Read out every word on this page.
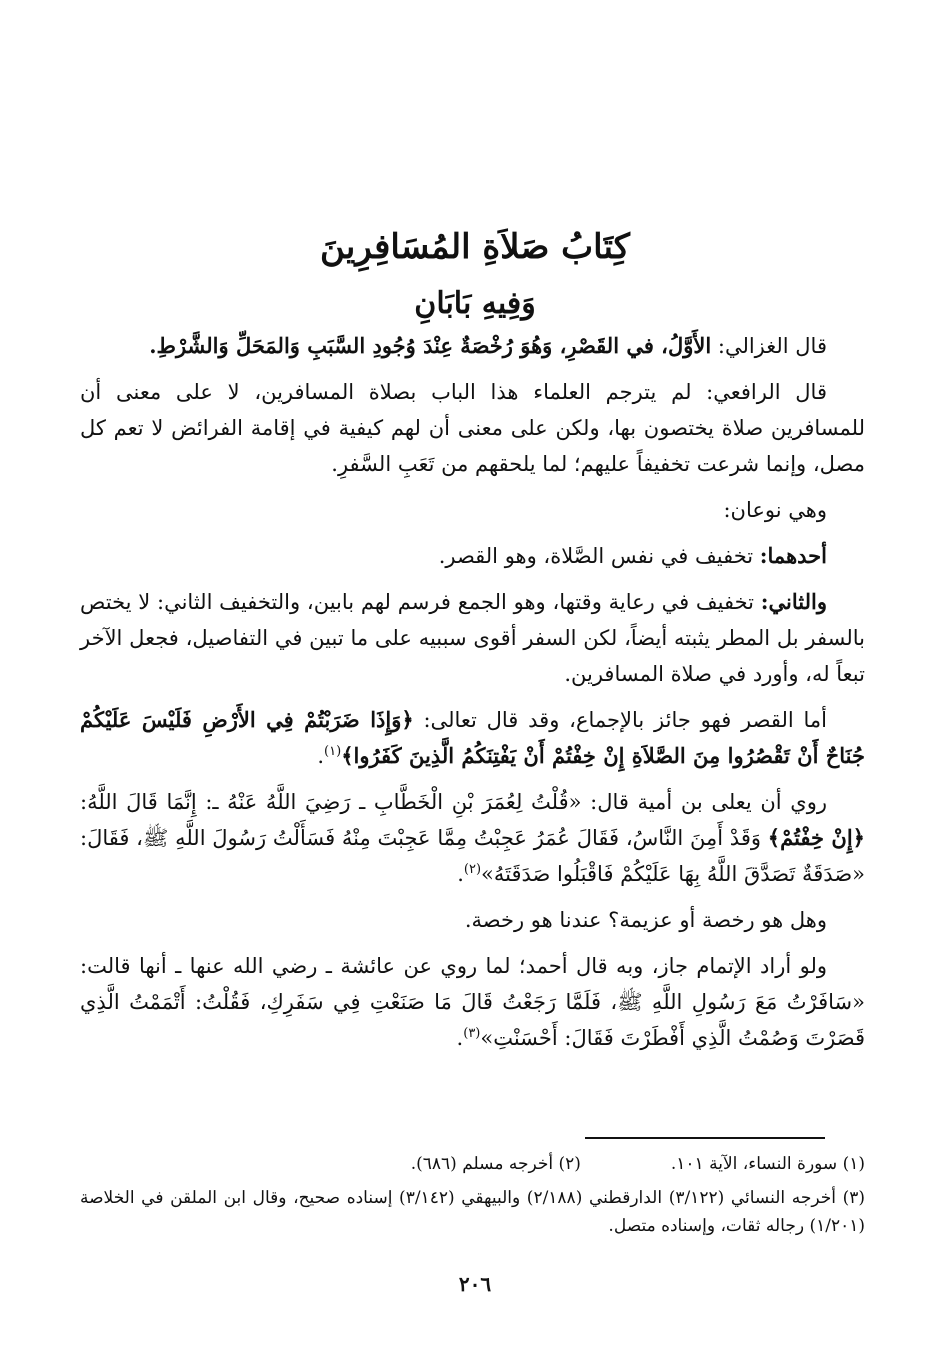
كِتَابُ صَلاَةِ المُسَافِرِينَ
وَفِيهِ بَابَانِ

قال الغزالي: الأَوَّلُ، في القَصْرِ، وَهُوَ رُخْصَةٌ عِنْدَ وُجُودِ السَّبَبِ وَالمَحَلِّ وَالشَّرْطِ.

قال الرافعي: لم يترجم العلماء هذا الباب بصلاة المسافرين، لا على معنى أن للمسافرين صلاة يختصون بها، ولكن على معنى أن لهم كيفية في إقامة الفرائض لا تعم كل مصل، وإنما شرعت تخفيفاً عليهم؛ لما يلحقهم من تَعَبِ السَّفرِ.

وهي نوعان:

أحدهما: تخفيف في نفس الصَّلاة، وهو القصر.

والثاني: تخفيف في رعاية وقتها، وهو الجمع فرسم لهم بابين، والتخفيف الثاني: لا يختص بالسفر بل المطر يثبته أيضاً، لكن السفر أقوى سببيه على ما تبين في التفاصيل، فجعل الآخر تبعاً له، وأورد في صلاة المسافرين.

أما القصر فهو جائز بالإجماع، وقد قال تعالى: ﴿وَإِذَا ضَرَبْتُمْ فِي الأَرْضِ فَلَيْسَ عَلَيْكُمْ جُنَاحٌ أَنْ تَقْصُرُوا مِنَ الصَّلاَةِ إِنْ خِفْتُمْ أَنْ يَفْتِنَكُمُ الَّذِينَ كَفَرُوا﴾$^{(١)}$.

روي أن يعلى بن أمية قال: «قُلْتُ لِعُمَرَ بْنِ الْخَطَّابِ ـ رَضِيَ اللَّهُ عَنْهُ ـ: إِنَّمَا قَالَ اللَّهُ: ﴿إِنْ خِفْتُمْ﴾ وَقَدْ أَمِنَ النَّاسُ، فَقَالَ عُمَرُ عَجِبْتُ مِمَّا عَجِبْتَ مِنْهُ فَسَأَلْتُ رَسُولَ اللَّهِ ﷺ، فَقَالَ: «صَدَقَةٌ تَصَدَّقَ اللَّهُ بِهَا عَلَيْكُمْ فَاقْبَلُوا صَدَقَتَهُ»$^{(٢)}$.

وهل هو رخصة أو عزيمة؟ عندنا هو رخصة.

ولو أراد الإتمام جاز، وبه قال أحمد؛ لما روي عن عائشة ـ رضي الله عنها ـ أنها قالت: «سَافَرْتُ مَعَ رَسُولِ اللَّهِ ﷺ، فَلَمَّا رَجَعْتُ قَالَ مَا صَنَعْتِ فِي سَفَرِكِ، فَقُلْتُ: أَتْمَمْتُ الَّذِي قَصَرْتَ وَصُمْتُ الَّذِي أَفْطَرْتَ فَقَالَ: أَحْسَنْتِ»$^{(٣)}$.

(١) سورة النساء، الآية ١٠١.
(٢) أخرجه مسلم (٦٨٦).
(٣) أخرجه النسائي (٣/١٢٢) الدارقطني (٢/١٨٨) والبيهقي (٣/١٤٢) إسناده صحيح، وقال ابن الملقن في الخلاصة (١/٢٠١) رجاله ثقات، وإسناده متصل.
٢٠٦
